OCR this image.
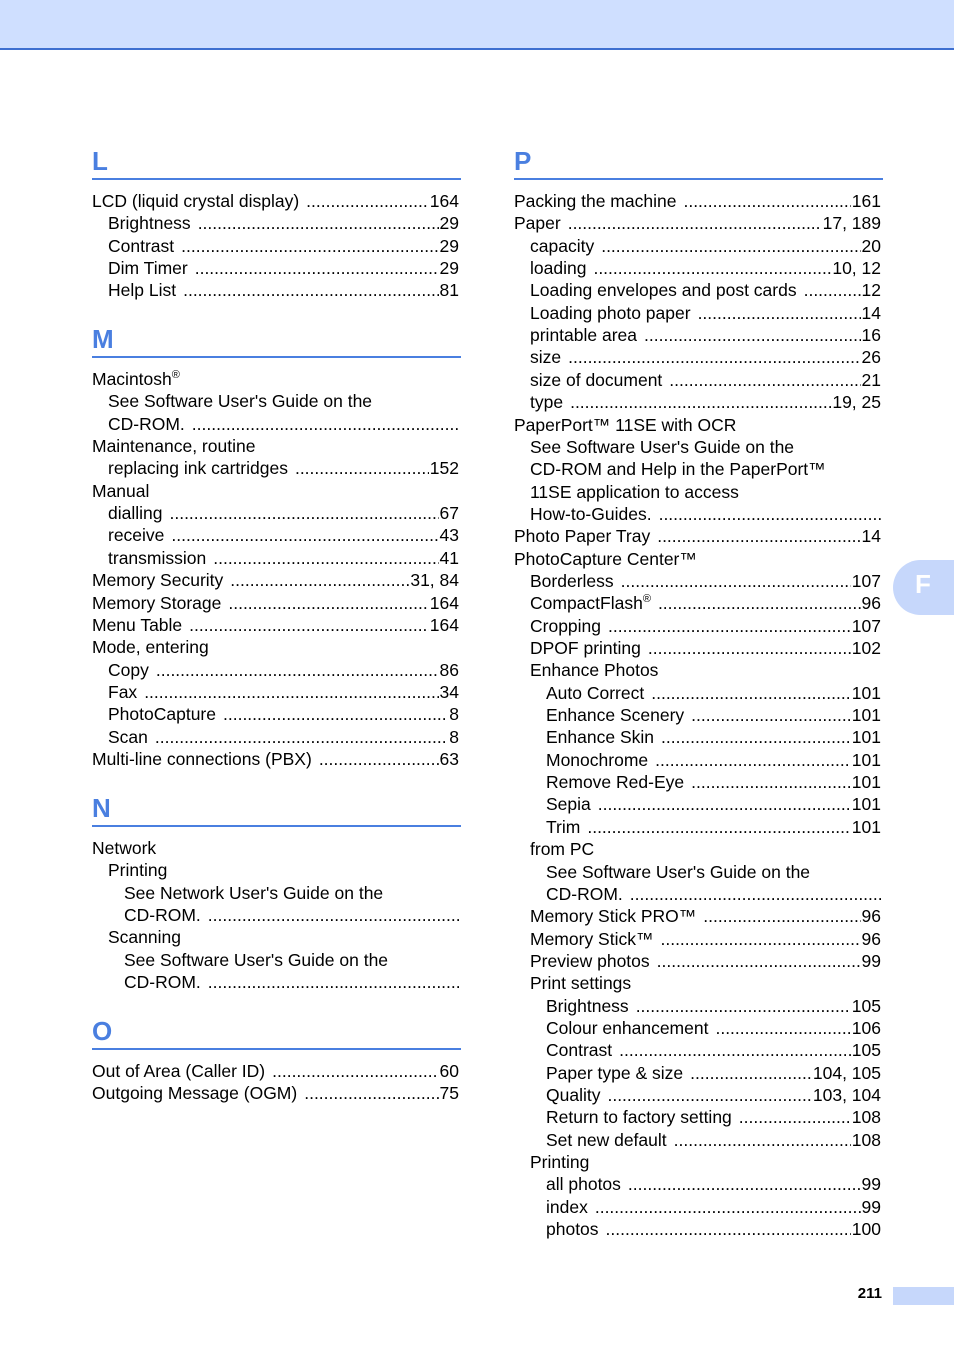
F
L
LCD (liquid crystal display) .....	164
Brightness .....	29
Contrast .....	29
Dim Timer .....	29
Help List .....	81
M
Macintosh®
See Software User's Guide on the
CD-ROM.
.....
Maintenance, routine
replacing ink cartridges .....	152
Manual
dialling .....	67
receive .....	43
transmission .....	41
Memory Security .....	31, 84
Memory Storage .....	164
Menu Table .....	164
Mode, entering
Copy .....	86
Fax .....	34
PhotoCapture .....	8
Scan .....	8
Multi-line connections (PBX) .....	63
N
Network
Printing
See Network User's Guide on the
CD-ROM.
.....
Scanning
See Software User's Guide on the
CD-ROM.
.....
O
Out of Area (Caller ID) .....	60
Outgoing Message (OGM) .....	75
P
Packing the machine .....	161
Paper .....	17, 189
capacity .....	20
loading .....	10, 12
Loading envelopes and post cards .....	12
Loading photo paper .....	14
printable area .....	16
size .....	26
size of document .....	21
type .....	19, 25
PaperPort™ 11SE with OCR
See Software User's Guide on the
CD-ROM and Help in the PaperPort™
11SE application to access
How-to-Guides.
.....
Photo Paper Tray .....	14
PhotoCapture Center™
Borderless .....	107
CompactFlash® .....	96
Cropping .....	107
DPOF printing .....	102
Enhance Photos
Auto Correct .....	101
Enhance Scenery .....	101
Enhance Skin .....	101
Monochrome .....	101
Remove Red-Eye .....	101
Sepia .....	101
Trim .....	101
from PC
See Software User's Guide on the
CD-ROM.
.....
Memory Stick PRO™ .....	96
Memory Stick™ .....	96
Preview photos .....	99
Print settings
Brightness .....	105
Colour enhancement .....	106
Contrast .....	105
Paper type & size .....	104, 105
Quality .....	103, 104
Return to factory setting .....	108
Set new default .....	108
Printing
all photos .....	99
index .....	99
photos .....	100
211
